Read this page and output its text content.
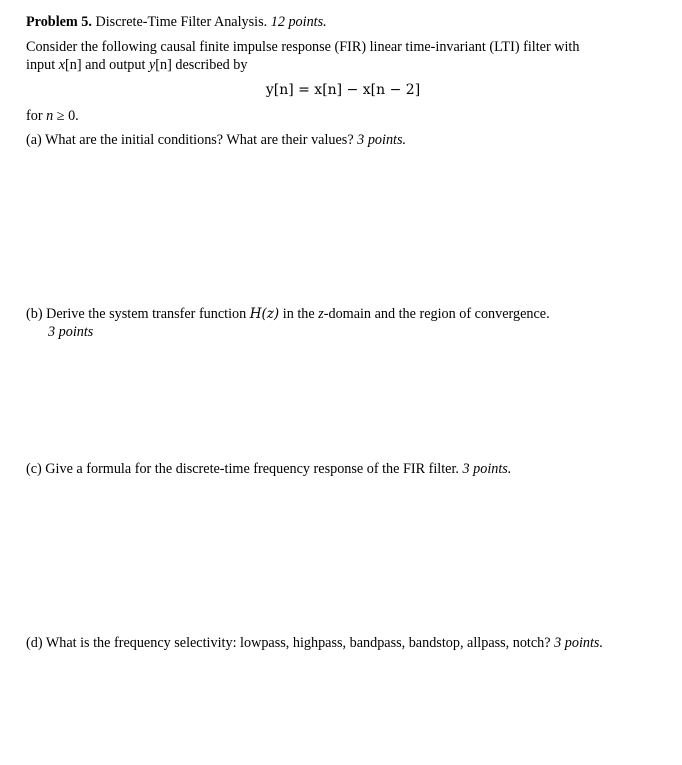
Problem 5. Discrete-Time Filter Analysis. 12 points.
Consider the following causal finite impulse response (FIR) linear time-invariant (LTI) filter with
input x[n] and output y[n] described by
y[n] = x[n] − x[n − 2]
for n ≥ 0.
(a) What are the initial conditions? What are their values? 3 points.
(b) Derive the system transfer function H(z) in the z-domain and the region of convergence.
3 points
(c) Give a formula for the discrete-time frequency response of the FIR filter. 3 points.
(d) What is the frequency selectivity: lowpass, highpass, bandpass, bandstop, allpass, notch? 3 points.
